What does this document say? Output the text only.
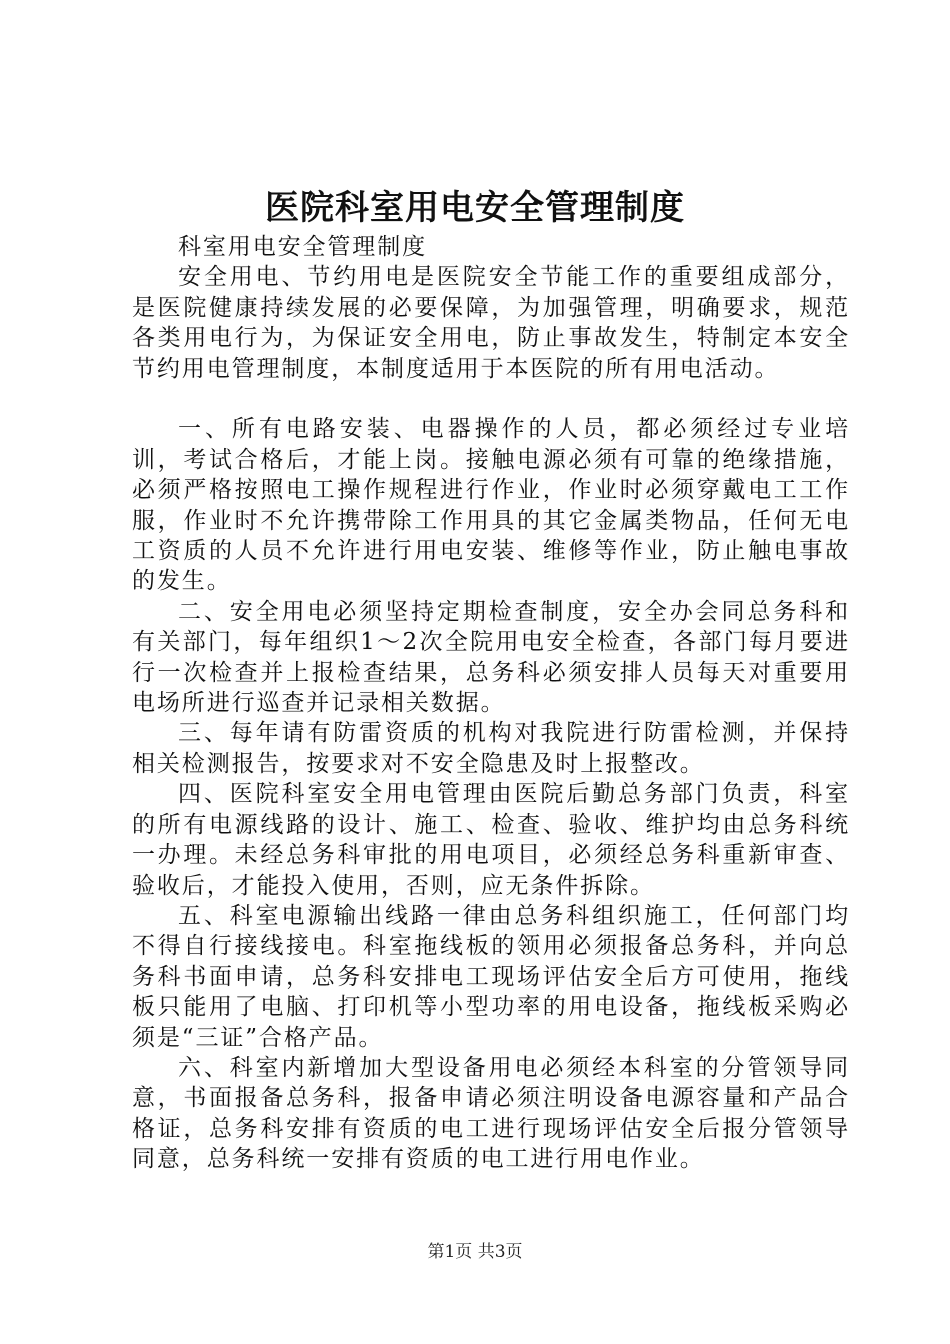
医院科室用电安全管理制度

科室用电安全管理制度

安全用电、节约用电是医院安全节能工作的重要组成部分，是医院健康持续发展的必要保障，为加强管理，明确要求，规范各类用电行为，为保证安全用电，防止事故发生，特制定本安全节约用电管理制度，本制度适用于本医院的所有用电活动。

一、所有电路安装、电器操作的人员，都必须经过专业培训，考试合格后，才能上岗。接触电源必须有可靠的绝缘措施，必须严格按照电工操作规程进行作业，作业时必须穿戴电工工作服，作业时不允许携带除工作用具的其它金属类物品，任何无电工资质的人员不允许进行用电安装、维修等作业，防止触电事故的发生。

二、安全用电必须坚持定期检查制度，安全办会同总务科和有关部门，每年组织1～2次全院用电安全检查，各部门每月要进行一次检查并上报检查结果，总务科必须安排人员每天对重要用电场所进行巡查并记录相关数据。

三、每年请有防雷资质的机构对我院进行防雷检测，并保持相关检测报告，按要求对不安全隐患及时上报整改。

四、医院科室安全用电管理由医院后勤总务部门负责，科室的所有电源线路的设计、施工、检查、验收、维护均由总务科统一办理。未经总务科审批的用电项目，必须经总务科重新审查、验收后，才能投入使用，否则，应无条件拆除。

五、科室电源输出线路一律由总务科组织施工，任何部门均不得自行接线接电。科室拖线板的领用必须报备总务科，并向总务科书面申请，总务科安排电工现场评估安全后方可使用，拖线板只能用了电脑、打印机等小型功率的用电设备，拖线板采购必须是“三证”合格产品。

六、科室内新增加大型设备用电必须经本科室的分管领导同意，书面报备总务科，报备申请必须注明设备电源容量和产品合格证，总务科安排有资质的电工进行现场评估安全后报分管领导同意，总务科统一安排有资质的电工进行用电作业。

第1页 共3页
